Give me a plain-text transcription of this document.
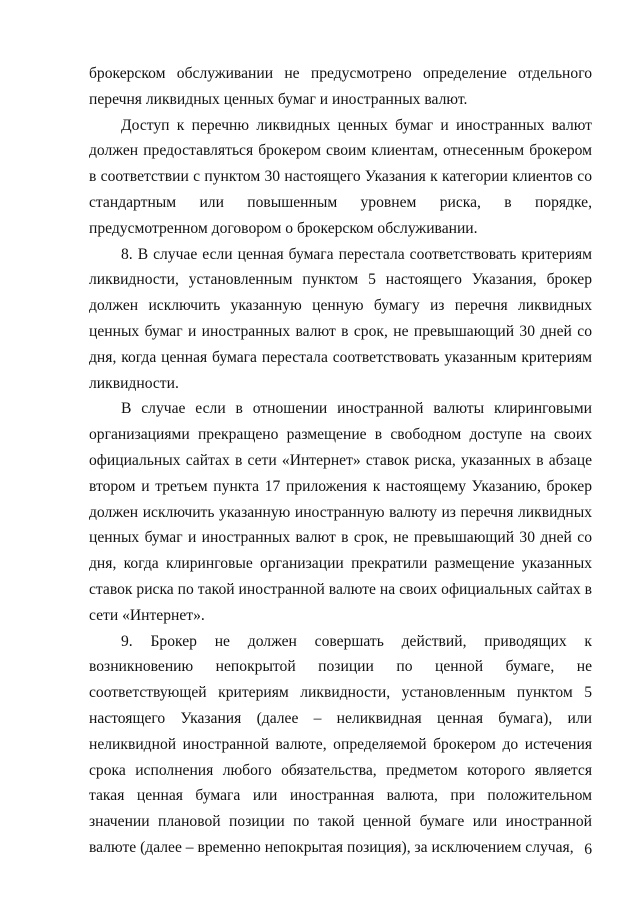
брокерском обслуживании не предусмотрено определение отдельного перечня ликвидных ценных бумаг и иностранных валют.

Доступ к перечню ликвидных ценных бумаг и иностранных валют должен предоставляться брокером своим клиентам, отнесенным брокером в соответствии с пунктом 30 настоящего Указания к категории клиентов со стандартным или повышенным уровнем риска, в порядке, предусмотренном договором о брокерском обслуживании.

8. В случае если ценная бумага перестала соответствовать критериям ликвидности, установленным пунктом 5 настоящего Указания, брокер должен исключить указанную ценную бумагу из перечня ликвидных ценных бумаг и иностранных валют в срок, не превышающий 30 дней со дня, когда ценная бумага перестала соответствовать указанным критериям ликвидности.

В случае если в отношении иностранной валюты клиринговыми организациями прекращено размещение в свободном доступе на своих официальных сайтах в сети «Интернет» ставок риска, указанных в абзаце втором и третьем пункта 17 приложения к настоящему Указанию, брокер должен исключить указанную иностранную валюту из перечня ликвидных ценных бумаг и иностранных валют в срок, не превышающий 30 дней со дня, когда клиринговые организации прекратили размещение указанных ставок риска по такой иностранной валюте на своих официальных сайтах в сети «Интернет».

9. Брокер не должен совершать действий, приводящих к возникновению непокрытой позиции по ценной бумаге, не соответствующей критериям ликвидности, установленным пунктом 5 настоящего Указания (далее – неликвидная ценная бумага), или неликвидной иностранной валюте, определяемой брокером до истечения срока исполнения любого обязательства, предметом которого является такая ценная бумага или иностранная валюта, при положительном значении плановой позиции по такой ценной бумаге или иностранной валюте (далее – временно непокрытая позиция), за исключением случая, 6
